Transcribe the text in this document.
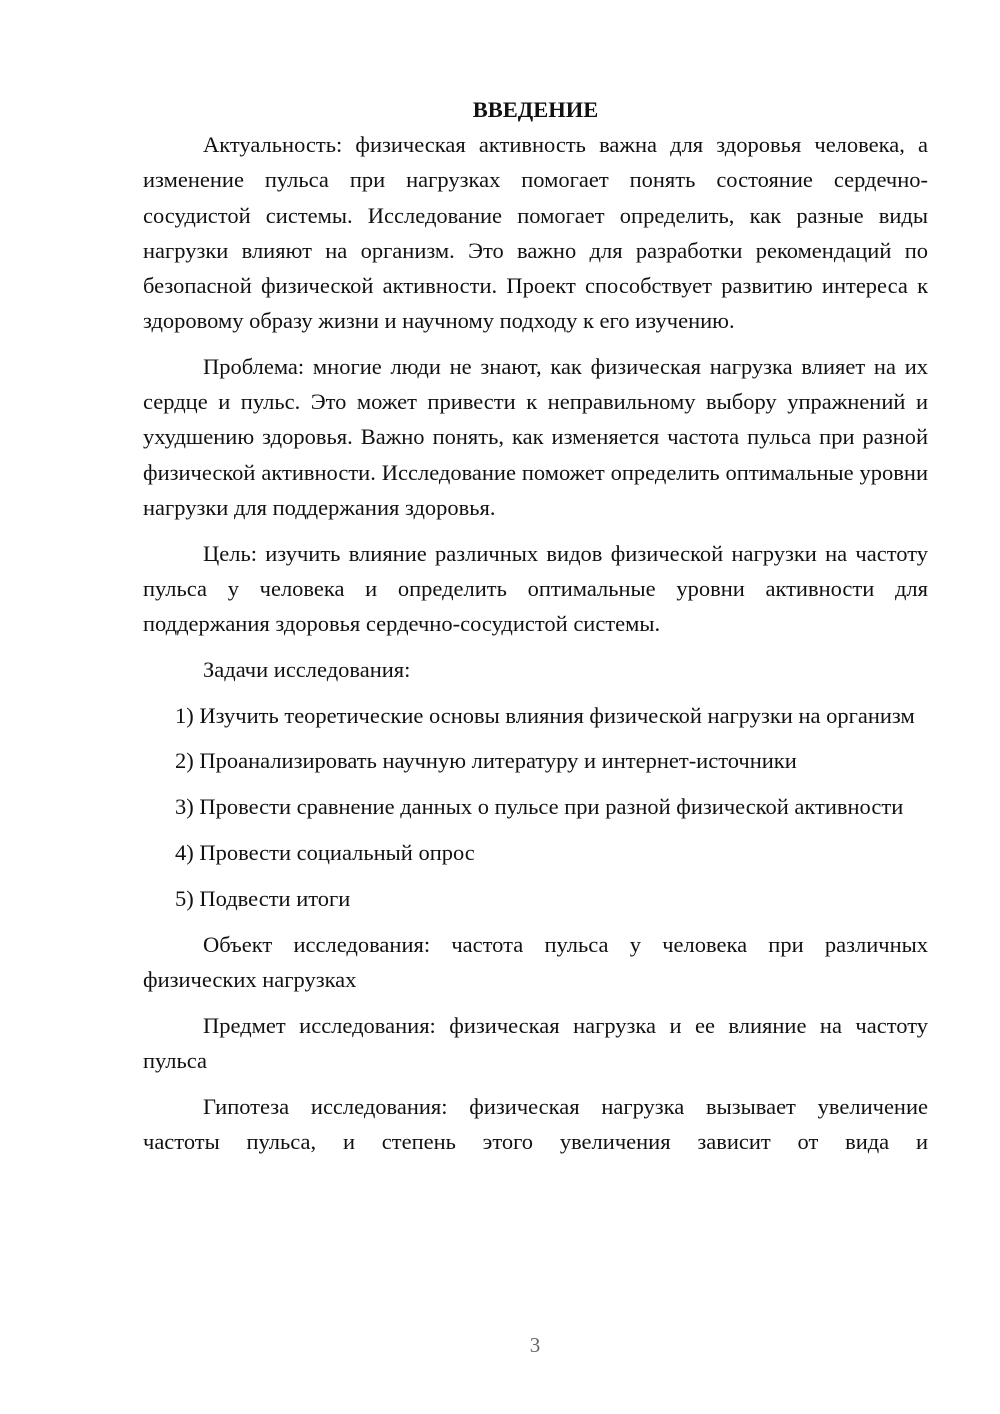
ВВЕДЕНИЕ

Актуальность: физическая активность важна для здоровья человека, а изменение пульса при нагрузках помогает понять состояние сердечно-сосудистой системы. Исследование помогает определить, как разные виды нагрузки влияют на организм. Это важно для разработки рекомендаций по безопасной физической активности. Проект способствует развитию интереса к здоровому образу жизни и научному подходу к его изучению.

Проблема: многие люди не знают, как физическая нагрузка влияет на их сердце и пульс. Это может привести к неправильному выбору упражнений и ухудшению здоровья. Важно понять, как изменяется частота пульса при разной физической активности. Исследование поможет определить оптимальные уровни нагрузки для поддержания здоровья.

Цель: изучить влияние различных видов физической нагрузки на частоту пульса у человека и определить оптимальные уровни активности для поддержания здоровья сердечно-сосудистой системы.

Задачи исследования:

1) Изучить теоретические основы влияния физической нагрузки на организм

2) Проанализировать научную литературу и интернет-источники

3) Провести сравнение данных о пульсе при разной физической активности

4) Провести социальный опрос

5) Подвести итоги

Объект исследования: частота пульса у человека при различных физических нагрузках

Предмет исследования: физическая нагрузка и ее влияние на частоту пульса

Гипотеза исследования: физическая нагрузка вызывает увеличение частоты пульса, и степень этого увеличения зависит от вида и

3
